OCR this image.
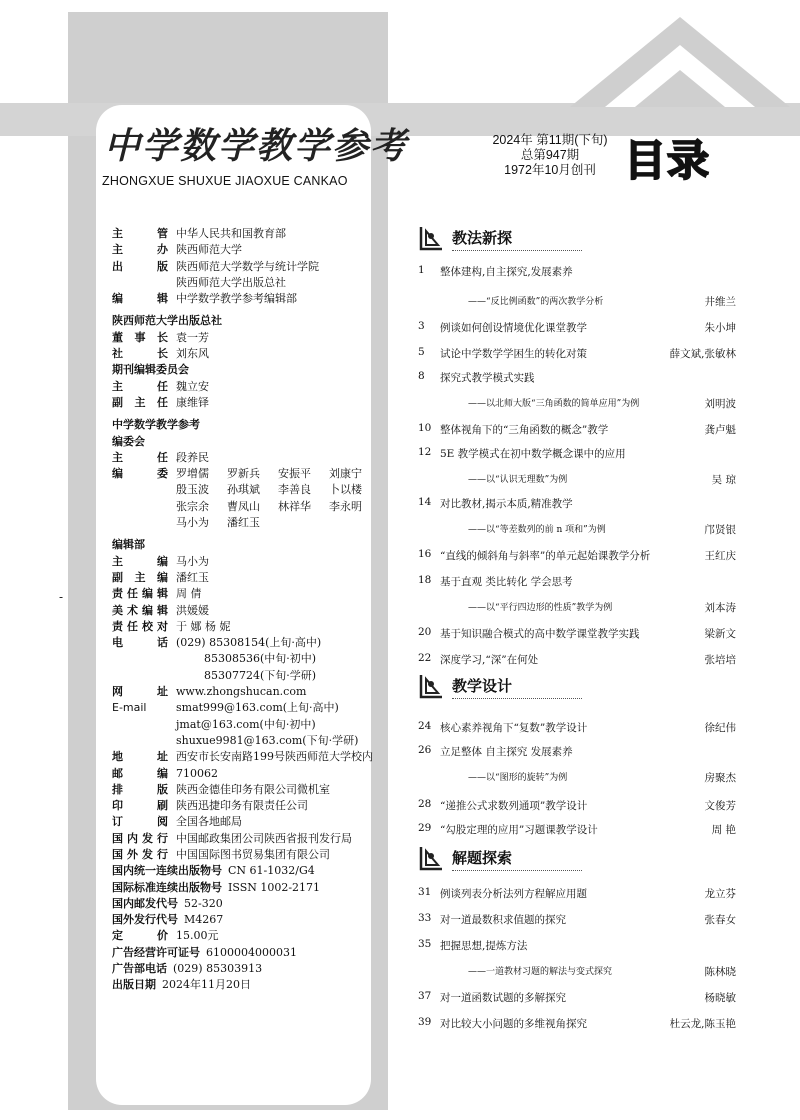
中学数学教学参考
ZHONGXUE SHUXUE JIAOXUE CANKAO
2024年 第11期(下旬)
总第947期
1972年10月创刊 目录
-
主管 中华人民共和国教育部
主办 陕西师范大学
出版 陕西师范大学数学与统计学院
陕西师范大学出版总社
编辑 中学数学教学参考编辑部
陕西师范大学出版总社
董事长 袁一芳
社长 刘东风
期刊编辑委员会
主任 魏立安
副主任 康维铎
中学数学教学参考
编委会
主任 段养民
编委 罗增儒	罗新兵	安振平	刘康宁
殷玉波	孙琪斌	李善良	卜以楼
张宗余	曹凤山	林祥华	李永明
马小为	潘红玉
编辑部
主编 马小为
副主编 潘红玉
责任编辑 周 倩
美术编辑 洪媛媛
责任校对 于 娜 杨 妮
电话 (029) 85308154(上旬·高中)
85308536(中旬·初中)
85307724(下旬·学研)
网址 www.zhongshucan.com
E-mail	smat999@163.com(上旬·高中)
jmat@163.com(中旬·初中)
shuxue9981@163.com(下旬·学研)
地址 西安市长安南路199号陕西师范大学校内
邮编 710062
排版 陕西金德佳印务有限公司微机室
印刷 陕西迅捷印务有限责任公司
订阅 全国各地邮局
国内发行 中国邮政集团公司陕西省报刊发行局
国外发行 中国国际图书贸易集团有限公司
国内统一连续出版物号 CN 61-1032/G4
国际标准连续出版物号 ISSN 1002-2171
国内邮发代号 52-320
国外发行代号 M4267
定价 15.00元
广告经营许可证号 6100004000031
广告部电话 (029) 85303913
出版日期 2024年11月20日
教法新探
1	整体建构,自主探究,发展素养
——“反比例函数”的两次教学分析	井维兰
3	例谈如何创设情境优化课堂教学	朱小坤
5	试论中学数学学困生的转化对策	薛文斌,张敏林
8	探究式教学模式实践
——以北师大版“三角函数的简单应用”为例	刘明波
10 整体视角下的“三角函数的概念”教学	龚卢魁
12 5E 教学模式在初中数学概念课中的应用
——以“认识无理数”为例	吴 琼
14 对比教材,揭示本质,精准教学
——以“等差数列的前 n 项和”为例	邝贤银
16 “直线的倾斜角与斜率”的单元起始课教学分析	王红庆
18 基于直观 类比转化 学会思考
——以“平行四边形的性质”教学为例	刘本涛
20 基于知识融合模式的高中数学课堂教学实践	梁新文
22 深度学习,“深”在何处	张培培
教学设计
24 核心素养视角下“复数”教学设计	徐纪伟
26 立足整体 自主探究 发展素养
——以“图形的旋转”为例	房聚杰
28 “递推公式求数列通项”教学设计	文俊芳
29 “勾股定理的应用”习题课教学设计	周 艳
解题探索
31 例谈列表分析法列方程解应用题	龙立芬
33 对一道最数积求值题的探究	张春女
35 把握思想,提炼方法
——一道教材习题的解法与变式探究	陈林晓
37 对一道函数试题的多解探究	杨晓敏
39 对比较大小问题的多维视角探究	杜云龙,陈玉艳
